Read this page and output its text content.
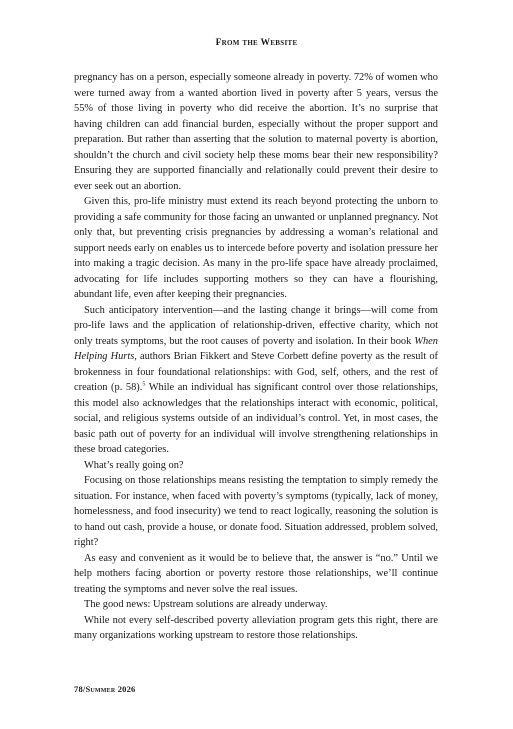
From the Website

pregnancy has on a person, especially someone already in poverty. 72% of women who were turned away from a wanted abortion lived in poverty after 5 years, versus the 55% of those living in poverty who did receive the abortion. It’s no surprise that having children can add financial burden, especially without the proper support and preparation. But rather than asserting that the solution to maternal poverty is abortion, shouldn’t the church and civil society help these moms bear their new responsibility? Ensuring they are supported financially and relationally could prevent their desire to ever seek out an abortion.

Given this, pro-life ministry must extend its reach beyond protecting the unborn to providing a safe community for those facing an unwanted or unplanned pregnancy. Not only that, but preventing crisis pregnancies by addressing a woman’s relational and support needs early on enables us to intercede before poverty and isolation pressure her into making a tragic decision. As many in the pro-life space have already proclaimed, advocating for life includes supporting mothers so they can have a flourishing, abundant life, even after keeping their pregnancies.

Such anticipatory intervention—and the lasting change it brings—will come from pro-life laws and the application of relationship-driven, effective charity, which not only treats symptoms, but the root causes of poverty and isolation. In their book When Helping Hurts, authors Brian Fikkert and Steve Corbett define poverty as the result of brokenness in four foundational relationships: with God, self, others, and the rest of creation (p. 58).$^5$ While an individual has significant control over those relationships, this model also acknowledges that the relationships interact with economic, political, social, and religious systems outside of an individual’s control. Yet, in most cases, the basic path out of poverty for an individual will involve strengthening relationships in these broad categories.

What’s really going on?

Focusing on those relationships means resisting the temptation to simply remedy the situation. For instance, when faced with poverty’s symptoms (typically, lack of money, homelessness, and food insecurity) we tend to react logically, reasoning the solution is to hand out cash, provide a house, or donate food. Situation addressed, problem solved, right?

As easy and convenient as it would be to believe that, the answer is “no.” Until we help mothers facing abortion or poverty restore those relationships, we’ll continue treating the symptoms and never solve the real issues.

The good news: Upstream solutions are already underway.

While not every self-described poverty alleviation program gets this right, there are many organizations working upstream to restore those relationships.

78/Summer 2026
